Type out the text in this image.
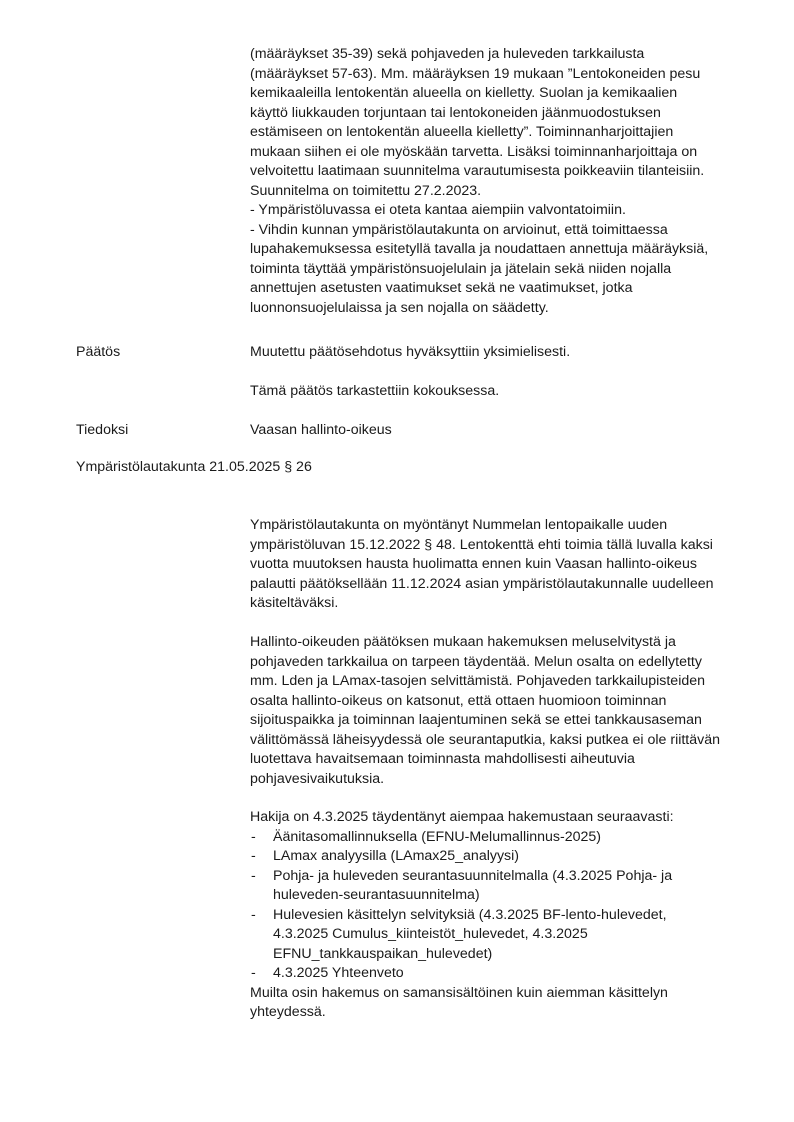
(määräykset 35-39) sekä pohjaveden ja huleveden tarkkailusta

(määräykset 57-63). Mm. määräyksen 19 mukaan ”Lentokoneiden pesu

kemikaaleilla lentokentän alueella on kielletty. Suolan ja kemikaalien

käyttö liukkauden torjuntaan tai lentokoneiden jäänmuodostuksen

estämiseen on lentokentän alueella kielletty”. Toiminnanharjoittajien

mukaan siihen ei ole myöskään tarvetta. Lisäksi toiminnanharjoittaja on

velvoitettu laatimaan suunnitelma varautumisesta poikkeaviin tilanteisiin.

Suunnitelma on toimitettu 27.2.2023.

- Ympäristöluvassa ei oteta kantaa aiempiin valvontatoimiin.

- Vihdin kunnan ympäristölautakunta on arvioinut, että toimittaessa

lupahakemuksessa esitetyllä tavalla ja noudattaen annettuja määräyksiä,

toiminta täyttää ympäristönsuojelulain ja jätelain sekä niiden nojalla

annettujen asetusten vaatimukset sekä ne vaatimukset, jotka

luonnonsuojelulaissa ja sen nojalla on säädetty.

Päätös	Muutettu päätösehdotus hyväksyttiin yksimielisesti.
Tämä päätös tarkastettiin kokouksessa.
Tiedoksi	Vaasan hallinto-oikeus
Ympäristölautakunta 21.05.2025 § 26

Ympäristölautakunta on myöntänyt Nummelan lentopaikalle uuden

ympäristöluvan 15.12.2022 § 48. Lentokenttä ehti toimia tällä luvalla kaksi

vuotta muutoksen hausta huolimatta ennen kuin Vaasan hallinto-oikeus

palautti päätöksellään 11.12.2024 asian ympäristölautakunnalle uudelleen

käsiteltäväksi.

Hallinto-oikeuden päätöksen mukaan hakemuksen meluselvitystä ja

pohjaveden tarkkailua on tarpeen täydentää. Melun osalta on edellytetty

mm. Lden ja LAmax-tasojen selvittämistä. Pohjaveden tarkkailupisteiden

osalta hallinto-oikeus on katsonut, että ottaen huomioon toiminnan

sijoituspaikka ja toiminnan laajentuminen sekä se ettei tankkausaseman

välittömässä läheisyydessä ole seurantaputkia, kaksi putkea ei ole riittävän

luotettava havaitsemaan toiminnasta mahdollisesti aiheutuvia

pohjavesivaikutuksia.

Hakija on 4.3.2025 täydentänyt aiempaa hakemustaan seuraavasti:

- Äänitasomallinnuksella (EFNU-Melumallinnus-2025)
- LAmax analyysilla (LAmax25_analyysi)
- Pohja- ja huleveden seurantasuunnitelmalla (4.3.2025 Pohja- ja
huleveden-seurantasuunnitelma)
- Hulevesien käsittelyn selvityksiä (4.3.2025 BF-lento-hulevedet,
4.3.2025 Cumulus_kiinteistöt_hulevedet, 4.3.2025
EFNU_tankkauspaikan_hulevedet)
- 4.3.2025 Yhteenveto

Muilta osin hakemus on samansisältöinen kuin aiemman käsittelyn

yhteydessä.
